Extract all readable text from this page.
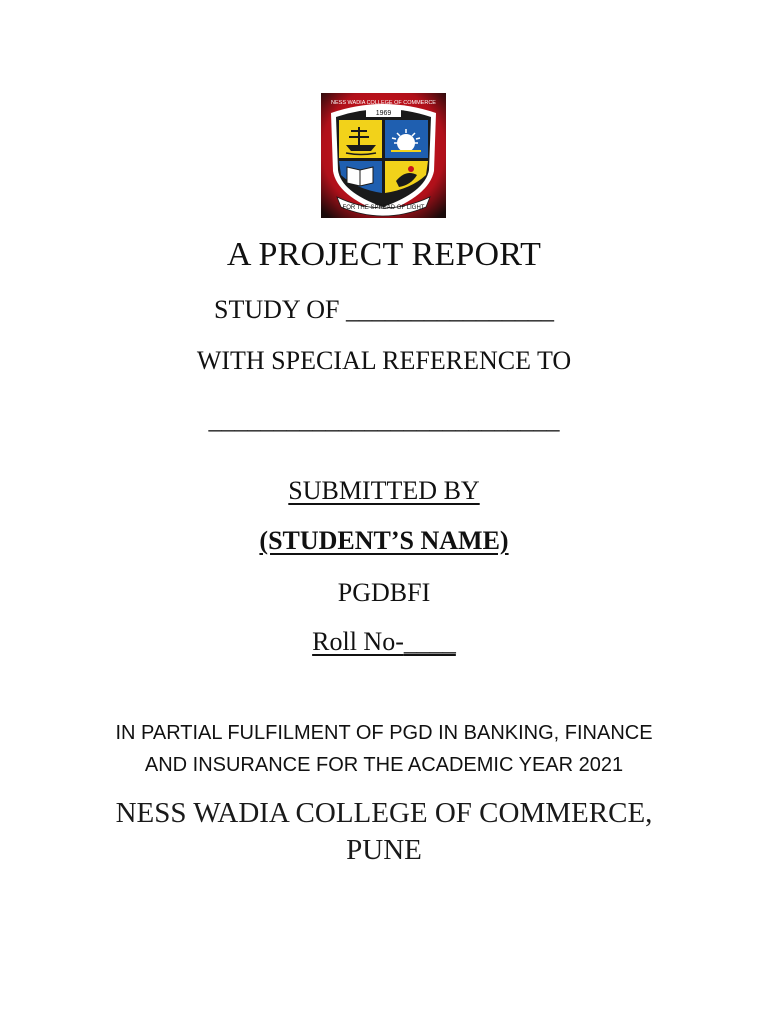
1969
FOR THE SPREAD OF LIGHT
NESS WADIA COLLEGE OF COMMERCE
A PROJECT REPORT
STUDY OF ________________
WITH SPECIAL REFERENCE TO
___________________________
SUBMITTED BY
(STUDENT’S NAME)
PGDBFI
Roll No-____
IN PARTIAL FULFILMENT OF PGD IN BANKING, FINANCE
AND INSURANCE FOR THE ACADEMIC YEAR 2021
NESS WADIA COLLEGE OF COMMERCE,
PUNE
